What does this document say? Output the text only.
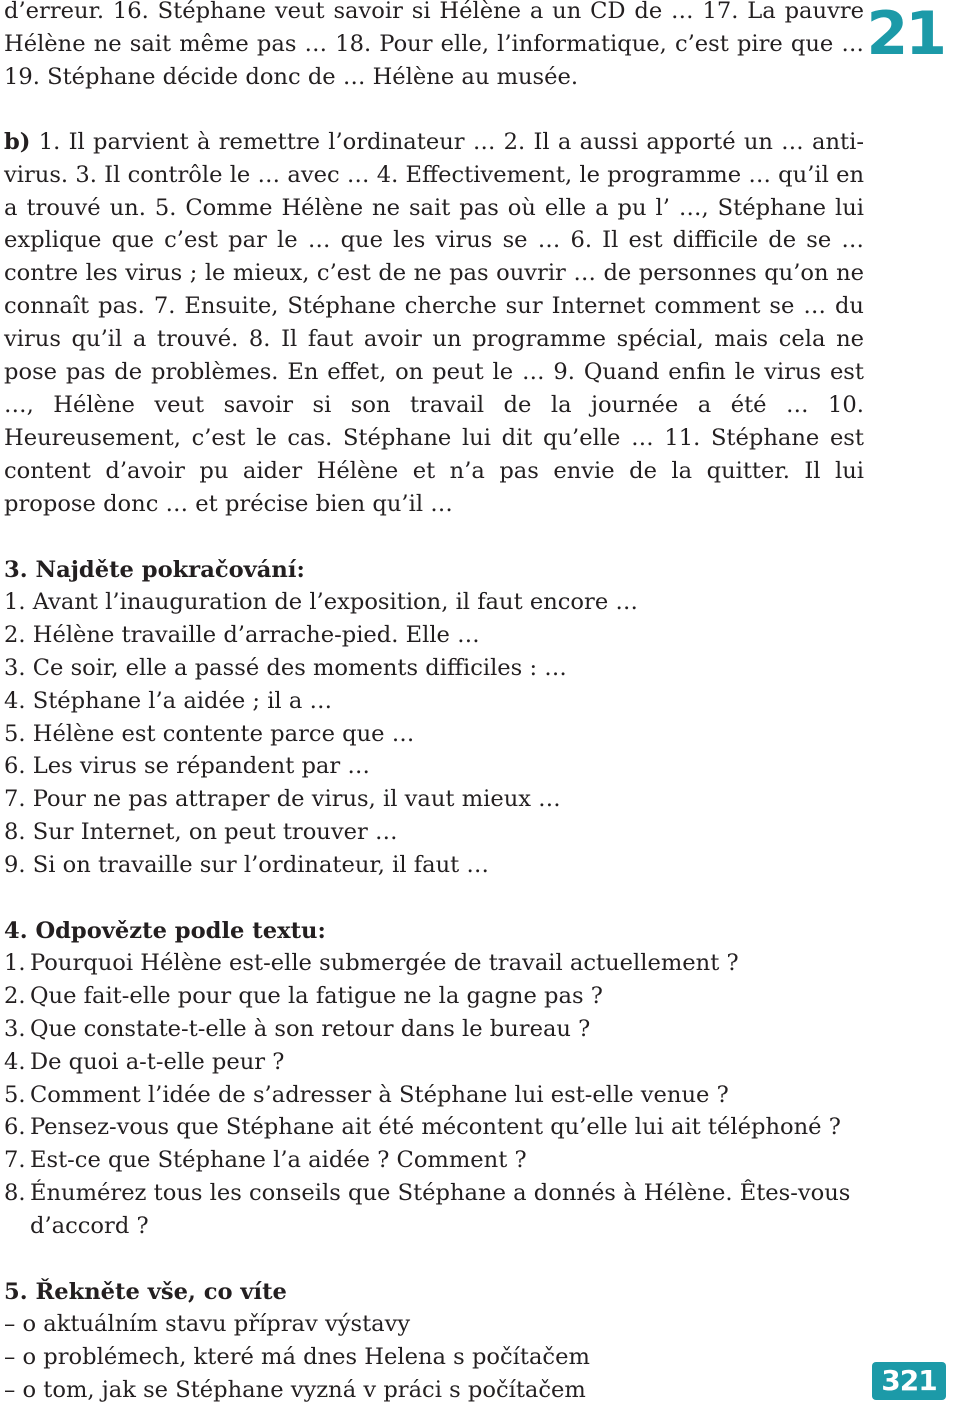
21

d’erreur. 16. Stéphane veut savoir si Hélène a un CD de … 17. La pauvre Hélène ne sait même pas … 18. Pour elle, l’informatique, c’est pire que … 19. Stéphane décide donc de … Hélène au musée.

b) 1. Il parvient à remettre l’ordinateur … 2. Il a aussi apporté un … antivirus. 3. Il contrôle le … avec … 4. Effectivement, le programme … qu’il en a trouvé un. 5. Comme Hélène ne sait pas où elle a pu l’ …, Stéphane lui explique que c’est par le … que les virus se … 6. Il est difficile de se … contre les virus ; le mieux, c’est de ne pas ouvrir … de personnes qu’on ne connaît pas. 7. Ensuite, Stéphane cherche sur Internet comment se … du virus qu’il a trouvé. 8. Il faut avoir un programme spécial, mais cela ne pose pas de problèmes. En effet, on peut le … 9. Quand enfin le virus est …, Hélène veut savoir si son travail de la journée a été … 10. Heureusement, c’est le cas. Stéphane lui dit qu’elle … 11. Stéphane est content d’avoir pu aider Hélène et n’a pas envie de la quitter. Il lui propose donc … et précise bien qu’il …

3. Najděte pokračování:

1. Avant l’inauguration de l’exposition, il faut encore …

2. Hélène travaille d’arrache-pied. Elle …

3. Ce soir, elle a passé des moments difficiles : …

4. Stéphane l’a aidée ; il a …

5. Hélène est contente parce que …

6. Les virus se répandent par …

7. Pour ne pas attraper de virus, il vaut mieux …

8. Sur Internet, on peut trouver …

9. Si on travaille sur l’ordinateur, il faut …

4. Odpovězte podle textu:

1. Pourquoi Hélène est-elle submergée de travail actuellement ?
2. Que fait-elle pour que la fatigue ne la gagne pas ?
3. Que constate-t-elle à son retour dans le bureau ?
4. De quoi a-t-elle peur ?
5. Comment l’idée de s’adresser à Stéphane lui est-elle venue ?
6. Pensez-vous que Stéphane ait été mécontent qu’elle lui ait téléphoné ?
7. Est-ce que Stéphane l’a aidée ? Comment ?
8. Énumérez tous les conseils que Stéphane a donnés à Hélène. Êtes-vous d’accord ?

5. Řekněte vše, co víte

– o aktuálním stavu příprav výstavy

– o problémech, které má dnes Helena s počítačem

– o tom, jak se Stéphane vyzná v práci s počítačem	321
